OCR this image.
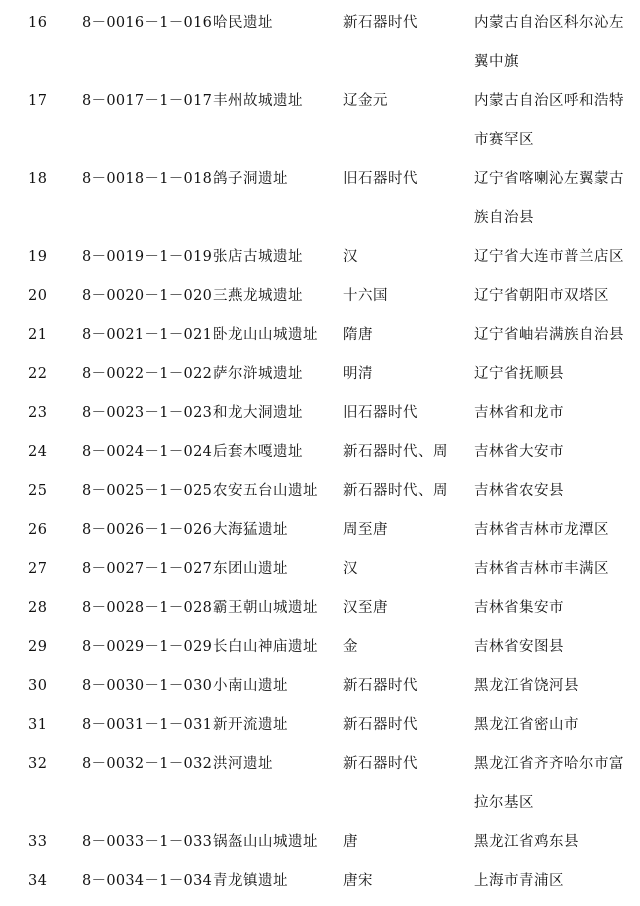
16 8－0016－1－016 哈民遗址	新石器时代	内蒙古自治区科尔沁左
翼中旗
17 8－0017－1－017 丰州故城遗址	辽金元	内蒙古自治区呼和浩特
市赛罕区
18 8－0018－1－018 鸽子洞遗址	旧石器时代	辽宁省喀喇沁左翼蒙古
族自治县
19 8－0019－1－019 张店古城遗址	汉	辽宁省大连市普兰店区
20 8－0020－1－020 三燕龙城遗址	十六国	辽宁省朝阳市双塔区
21 8－0021－1－021 卧龙山山城遗址 隋唐	辽宁省岫岩满族自治县
22 8－0022－1－022 萨尔浒城遗址	明清	辽宁省抚顺县
23 8－0023－1－023 和龙大洞遗址	旧石器时代	吉林省和龙市
24 8－0024－1－024 后套木嘎遗址	新石器时代、周 吉林省大安市
25 8－0025－1－025 农安五台山遗址 新石器时代、周 吉林省农安县
26 8－0026－1－026 大海猛遗址	周至唐	吉林省吉林市龙潭区
27 8－0027－1－027 东团山遗址	汉	吉林省吉林市丰满区
28 8－0028－1－028 霸王朝山城遗址 汉至唐	吉林省集安市
29 8－0029－1－029 长白山神庙遗址 金	吉林省安图县
30 8－0030－1－030 小南山遗址	新石器时代	黑龙江省饶河县
31 8－0031－1－031 新开流遗址	新石器时代	黑龙江省密山市
32 8－0032－1－032 洪河遗址	新石器时代	黑龙江省齐齐哈尔市富
拉尔基区
33 8－0033－1－033 锅盔山山城遗址 唐	黑龙江省鸡东县
34 8－0034－1－034 青龙镇遗址	唐宋	上海市青浦区
